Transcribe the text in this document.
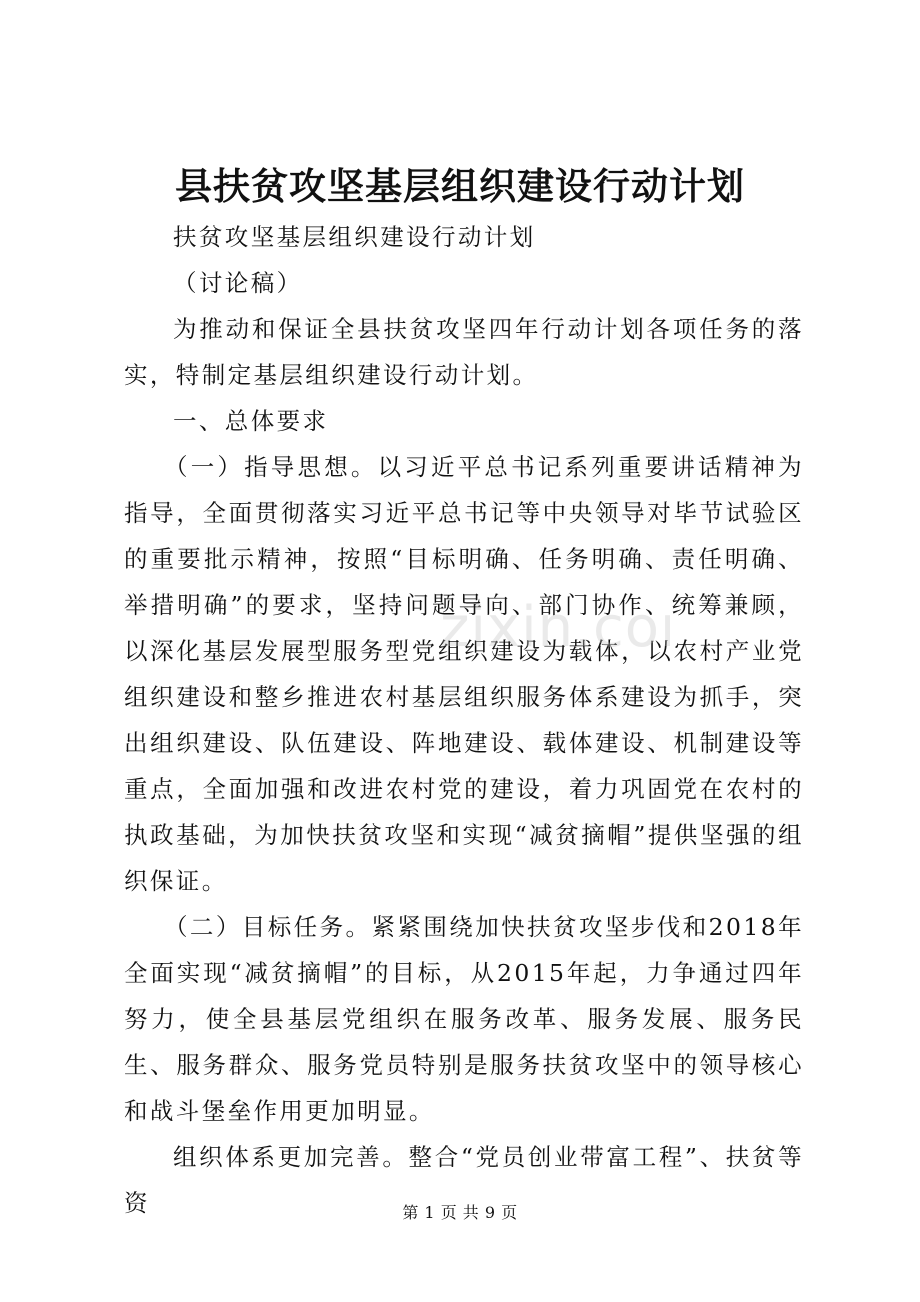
县扶贫攻坚基层组织建设行动计划

扶贫攻坚基层组织建设行动计划

（讨论稿）

为推动和保证全县扶贫攻坚四年行动计划各项任务的落实，特制定基层组织建设行动计划。

一、总体要求

（一）指导思想。以习近平总书记系列重要讲话精神为指导，全面贯彻落实习近平总书记等中央领导对毕节试验区的重要批示精神，按照“目标明确、任务明确、责任明确、举措明确”的要求，坚持问题导向、部门协作、统筹兼顾，以深化基层发展型服务型党组织建设为载体，以农村产业党组织建设和整乡推进农村基层组织服务体系建设为抓手，突出组织建设、队伍建设、阵地建设、载体建设、机制建设等重点，全面加强和改进农村党的建设，着力巩固党在农村的执政基础，为加快扶贫攻坚和实现“减贫摘帽”提供坚强的组织保证。

（二）目标任务。紧紧围绕加快扶贫攻坚步伐和2018年全面实现“减贫摘帽”的目标，从2015年起，力争通过四年努力，使全县基层党组织在服务改革、服务发展、服务民生、服务群众、服务党员特别是服务扶贫攻坚中的领导核心和战斗堡垒作用更加明显。

组织体系更加完善。整合“党员创业带富工程”、扶贫等资

zixin.co
第 1 页 共 9 页
